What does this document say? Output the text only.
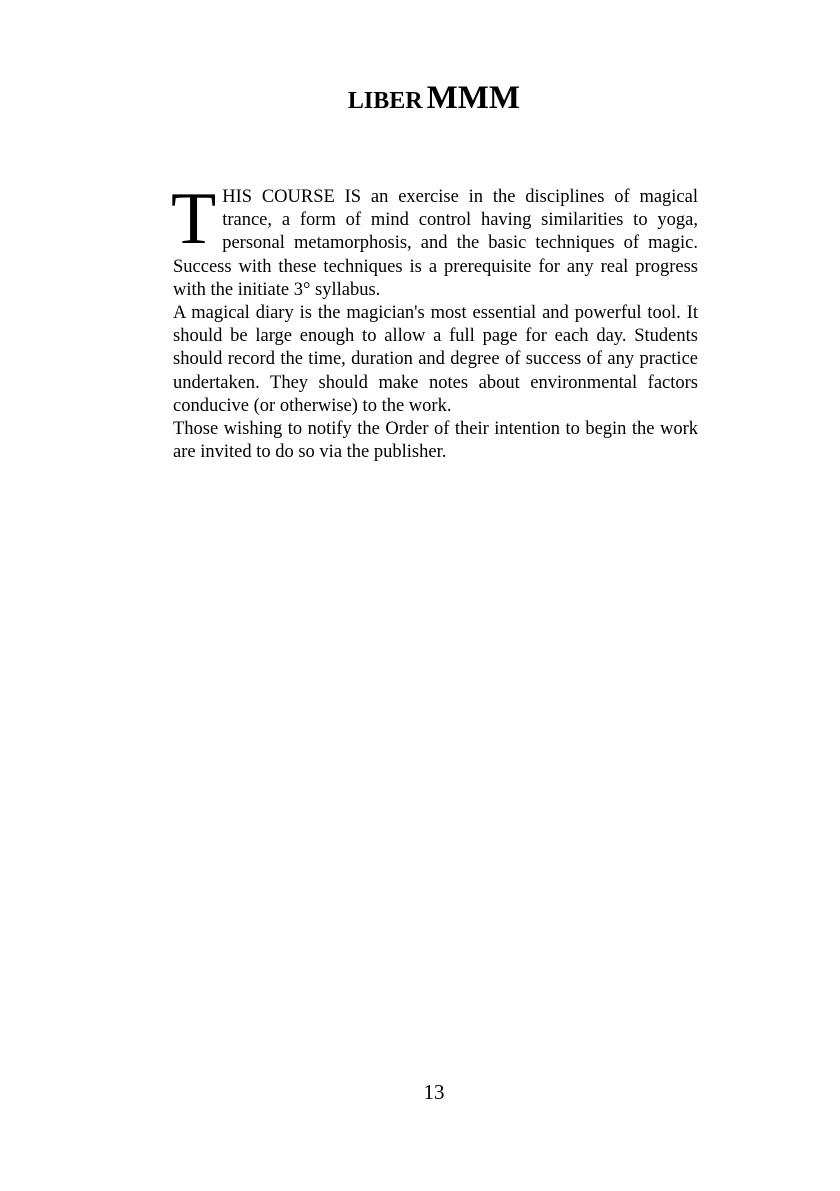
LIBER MMM

THIS COURSE IS an exercise in the disciplines of magical trance, a form of mind control having similarities to yoga, personal metamorphosis, and the basic techniques of magic. Success with these techniques is a prerequisite for any real progress with the initiate 3° syllabus.

A magical diary is the magician's most essential and powerful tool. It should be large enough to allow a full page for each day. Students should record the time, duration and degree of success of any practice undertaken. They should make notes about environmental factors conducive (or otherwise) to the work.

Those wishing to notify the Order of their intention to begin the work are invited to do so via the publisher.

13
